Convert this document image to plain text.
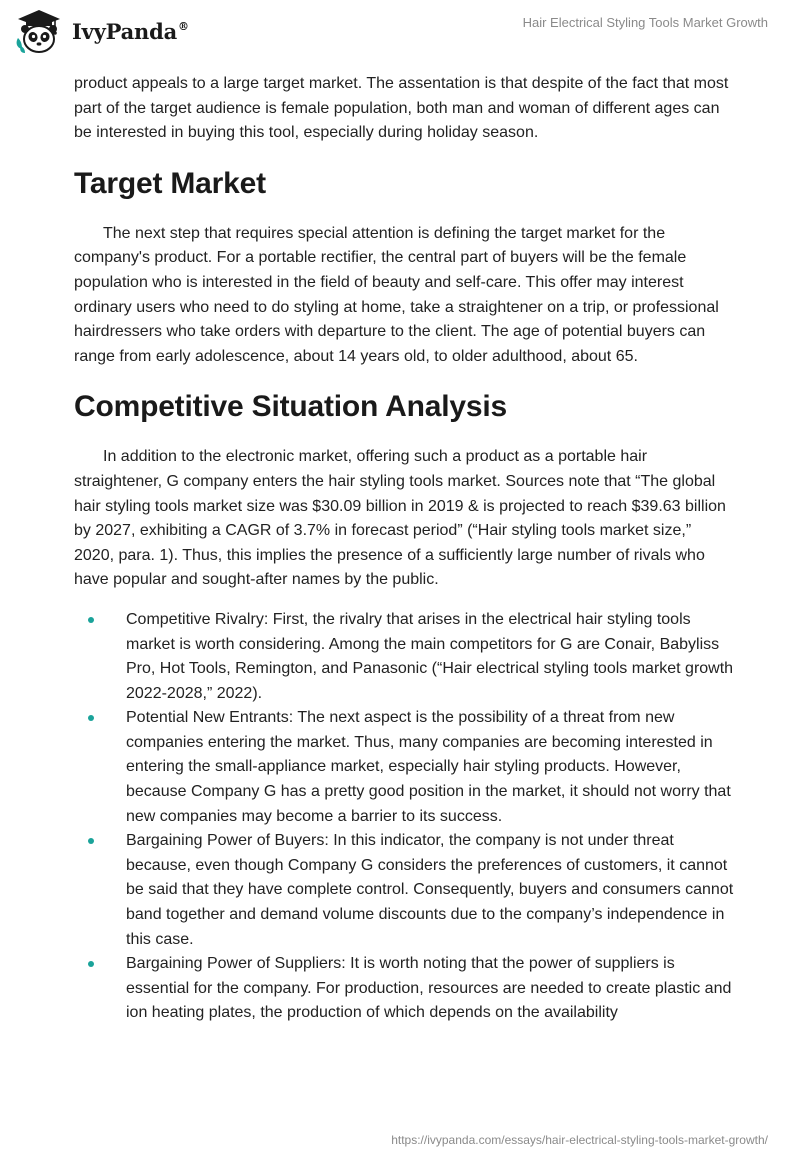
IvyPanda®	Hair Electrical Styling Tools Market Growth

product appeals to a large target market. The assentation is that despite of the fact that most part of the target audience is female population, both man and woman of different ages can be interested in buying this tool, especially during holiday season.

Target Market

The next step that requires special attention is defining the target market for the company's product. For a portable rectifier, the central part of buyers will be the female population who is interested in the field of beauty and self-care. This offer may interest ordinary users who need to do styling at home, take a straightener on a trip, or professional hairdressers who take orders with departure to the client. The age of potential buyers can range from early adolescence, about 14 years old, to older adulthood, about 65.

Competitive Situation Analysis

In addition to the electronic market, offering such a product as a portable hair straightener, G company enters the hair styling tools market. Sources note that “The global hair styling tools market size was $30.09 billion in 2019 & is projected to reach $39.63 billion by 2027, exhibiting a CAGR of 3.7% in forecast period” (“Hair styling tools market size,” 2020, para. 1). Thus, this implies the presence of a sufficiently large number of rivals who have popular and sought-after names by the public.

Competitive Rivalry: First, the rivalry that arises in the electrical hair styling tools market is worth considering. Among the main competitors for G are Conair, Babyliss Pro, Hot Tools, Remington, and Panasonic (“Hair electrical styling tools market growth 2022-2028,” 2022).
Potential New Entrants: The next aspect is the possibility of a threat from new companies entering the market. Thus, many companies are becoming interested in entering the small-appliance market, especially hair styling products. However, because Company G has a pretty good position in the market, it should not worry that new companies may become a barrier to its success.
Bargaining Power of Buyers: In this indicator, the company is not under threat because, even though Company G considers the preferences of customers, it cannot be said that they have complete control. Consequently, buyers and consumers cannot band together and demand volume discounts due to the company’s independence in this case.
Bargaining Power of Suppliers: It is worth noting that the power of suppliers is essential for the company. For production, resources are needed to create plastic and ion heating plates, the production of which depends on the availability
https://ivypanda.com/essays/hair-electrical-styling-tools-market-growth/
